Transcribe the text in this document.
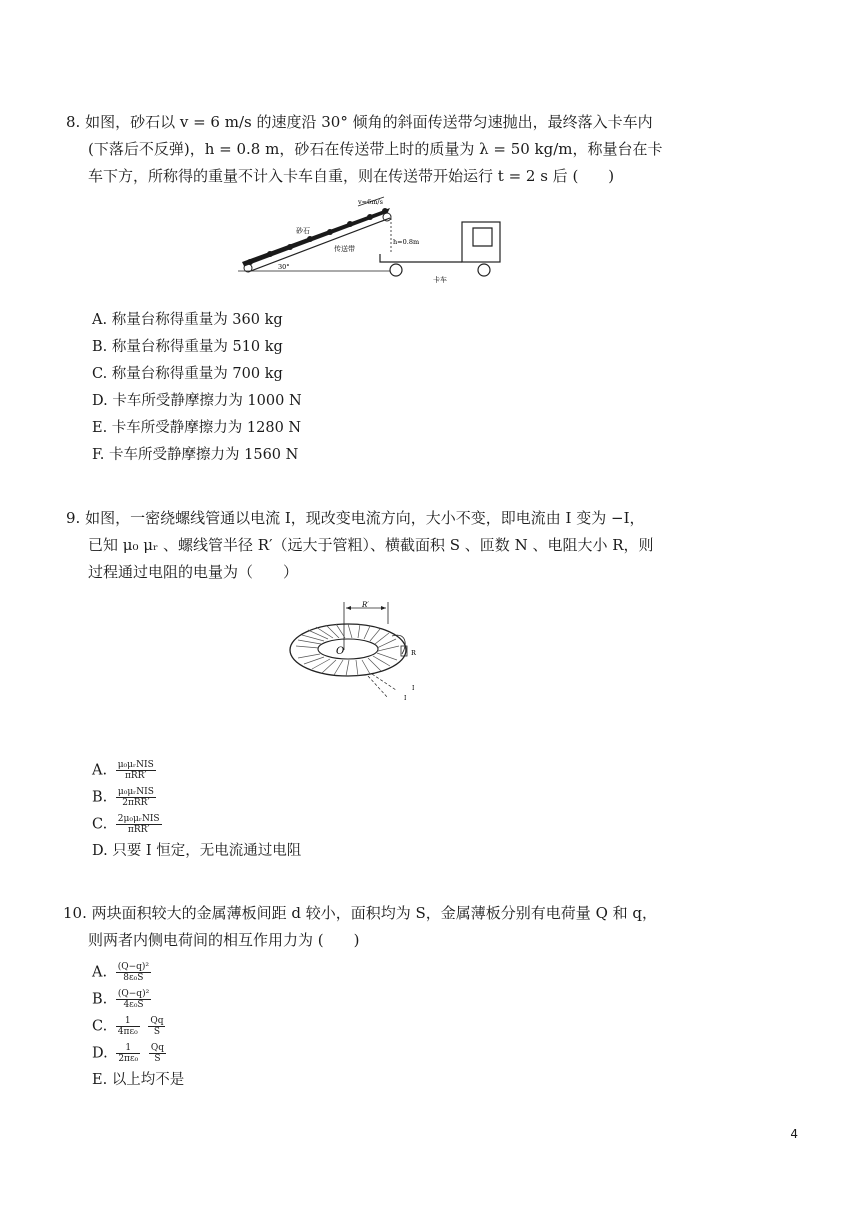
8. 如图，砂石以 v = 6 m/s 的速度沿 30° 倾角的斜面传送带匀速抛出，最终落入卡车内
(下落后不反弹)，h = 0.8 m，砂石在传送带上时的质量为 λ = 50 kg/m，称量台在卡
车下方，所称得的重量不计入卡车自重，则在传送带开始运行 t = 2 s 后 (　　)
v=6m/s
砂石
传送带
30°
h=0.8m
卡车
A. 称量台称得重量为 360 kg
B. 称量台称得重量为 510 kg
C. 称量台称得重量为 700 kg
D. 卡车所受静摩擦力为 1000 N
E. 卡车所受静摩擦力为 1280 N
F. 卡车所受静摩擦力为 1560 N
9. 如图，一密绕螺线管通以电流 I，现改变电流方向，大小不变，即电流由 I 变为 −I，
已知 μ₀ μᵣ 、螺线管半径 R′（远大于管粗）、横截面积 S 、匝数 N 、电阻大小 R，则
过程通过电阻的电量为（　　）
R′
O	R
I
I
A. $\frac{\text{μ₀μᵣNIS}}{\text{πRR′}}$
B. $\frac{\text{μ₀μᵣNIS}}{\text{2πRR′}}$
C. $\frac{\text{2μ₀μᵣNIS}}{\text{πRR′}}$
D. 只要 I 恒定，无电流通过电阻
10. 两块面积较大的金属薄板间距 d 较小，面积均为 S，金属薄板分别有电荷量 Q 和 q，
则两者内侧电荷间的相互作用力为 (　　)
A. $\frac{\text{(Q−q)²}}{\text{8ε₀S}}$
B. $\frac{\text{(Q−q)²}}{\text{4ε₀S}}$
C. $\frac{1}{\text{4πε₀}}$
$\frac{Qq}{S}$
D. $\frac{1}{\text{2πε₀}}$
$\frac{Qq}{S}$
E. 以上均不是
4
